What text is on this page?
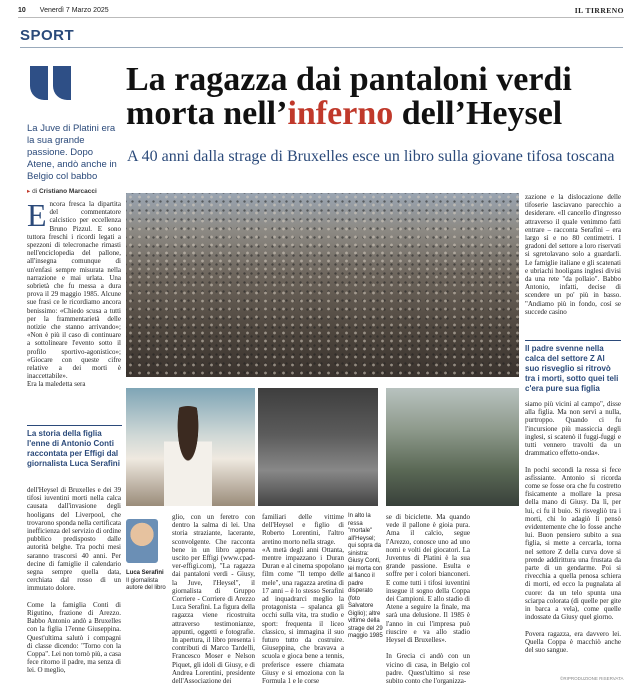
10 Venerdì 7 Marzo 2025	IL TIRRENO
SPORT
La ragazza dai pantaloni verdi
morta nell’inferno dell’Heysel
A 40 anni dalla strage di Bruxelles esce un libro sulla giovane tifosa toscana
La Juve di Platini era la sua grande passione. Dopo Atene, andò anche in Belgio col babbo
▸ di Cristiano Marcacci
Encora fresca la dipartita del commentatore calcistico per eccellenza Bruno Pizzul. E sono tuttora freschi i ricordi legati a spezzoni di telecronache rimasti nell'enciclopedia del pallone, all'insegna comunque di un'enfasi sempre misurata nella narrazione e mai urlata. Una sobrietà che fu messa a dura prova il 29 maggio 1985. Alcune sue frasi ce le ricordiamo ancora benissimo: «Chiedo scusa a tutti per la frammentarietà delle notizie che stanno arrivando»; «Non è più il caso di continuare a sottolineare l'evento sotto il profilo sportivo-agonistico»; «Giocare con queste cifre relative a dei morti è inaccettabile».
Era la maledetta sera
La storia della figlia l'enne di Antonio Conti raccontata per Effigi dal giornalista Luca Serafini
dell'Heysel di Bruxelles e dei 39 tifosi iuventini morti nella calca causata dall'invasione degli hooligans del Liverpool, che trovarono sponda nella certificata inefficienza del servizio di ordine pubblico predisposto dalle autorità belghe. Tra pochi mesi saranno trascorsi 40 anni. Per decine di famiglie il calendario segna sempre quella data, cerchiata dal rosso di un immutato dolore.

Come la famiglia Conti di Rigutino, frazione di Arezzo. Babbo Antonio andò a Bruxelles con la figlia 17enne Giuseppina. Quest'ultima salutò i compagni di classe dicendo: "Torno con la Coppa". Lei non tornò più, a casa fece ritorno il padre, ma senza di lei. O meglio,
Luca Serafini
Il giornalista autore del libro
glio, con un feretro con dentro la salma di lei. Una storia straziante, lacerante, sconvolgente. Che racconta bene in un libro appena uscito per Effigi (www.cpad-ver-effigi.com), "La ragazza dai pantaloni verdi - Giusy, la Juve, l'Heysel", il giornalista di Gruppo Corriere - Corriere di Arezzo Luca Serafini. La figura della ragazza viene ricostruita attraverso testimonianze, appunti, oggetti e fotografie. In apertura, il libro presenta i contributi di Marco Tardelli, Francesco Moser e Nelson Piquet, gli idoli di Giusy, e di Andrea Lorentini, presidente dell'Associazione dei
familiari delle vittime dell'Heysel e figlio di Roberto Lorentini, l'altro aretino morto nella strage.
«A metà degli anni Ottanta, mentre impazzano i Duran Duran e al cinema spopolano film come "Il tempo delle mele", una ragazza aretina di 17 anni – è lo stesso Serafini ad inquadrarci meglio la protagonista – spalanca gli occhi sulla vita, tra studio e sport: frequenta il liceo classico, si immagina il suo futuro tutto da costruire. Giuseppina, che bravava a scuola e gioca bene a tennis, preferisce essere chiamata Giusy e si emoziona con la Formula 1 e le corse
In alto la ressa "mortale" all'Heysel; qui sopra da sinistra: Giusy Conti, lei morta con al fianco il padre disperato (foto Salvatore Giglio); altre vittime della strage del 29 maggio 1985
se di biciclette. Ma quando vede il pallone è gioia pura. Ama il calcio, segue l'Arezzo, conosce uno ad uno nomi e volti dei giocatori. La Juventus di Platini è la sua grande passione. Esulta e soffre per i colori bianconeri. E come tutti i tifosi iuventini insegue il sogno della Coppa dei Campioni. E allo stadio di Atene a seguire la finale, ma sarà una delusione. Il 1985 è l'anno in cui l'impresa può riuscire e va allo stadio Heysel di Bruxelles».

In Grecia ci andò con un vicino di casa, in Belgio col padre. Quest'ultimo si rese subito conto che l'organizza-
zazione e la dislocazione delle tifoserie lasciavano parecchio a desiderare. «Il cancello d'ingresso attraverso il quale venimmo fatti entrare – racconta Serafini – era largo sì e no 80 centimetri. I gradoni del settore a loro riservati si sgretolavano solo a guardarli. Le famiglie italiane e gli scatenati e ubriachi hooligans inglesi divisi da una rete "da pollaio". Babbo Antonio, infatti, decise di scendere un po' più in basso. "Andiamo più in fondo, così se succede casino
Il padre svenne nella calca del settore Z Al suo risveglio si ritrovò tra i morti, sotto quei teli c'era pure sua figlia
siamo più vicini al campo", disse alla figlia. Ma non servì a nulla, purtroppo. Quando ci fu l'incursione più massiccia degli inglesi, si scatenò il fuggi-fuggi e tutti vennero travolti da un drammatico effetto-onda».

In pochi secondi la ressa si fece asfissiante. Antonio si ricorda come se fosse ora che fu costretto fisicamente a mollare la presa della mano di Giusy. Da lì, per lui, ci fu il buio. Si risvegliò tra i morti, chi lo adagiò lì pensò evidentemente che lo fosse anche lui. Buon pensiero subito a sua figlia, si mette a cercarla, torna nel settore Z della curva dove si prende addirittura una frustata da parte di un gendarme. Poi si rivecchia a quella penosa schiera di morti, ed ecco la pugnalata al cuore: da un telo spunta una sciarpa colorata (di quelle per gite in barca a vela), come quelle indossate da Giusy quel giorno.

Povera ragazza, era davvero lei. Quella Coppa è macchiò anche del suo sangue.
©RIPRODUZIONE RISERVATA
